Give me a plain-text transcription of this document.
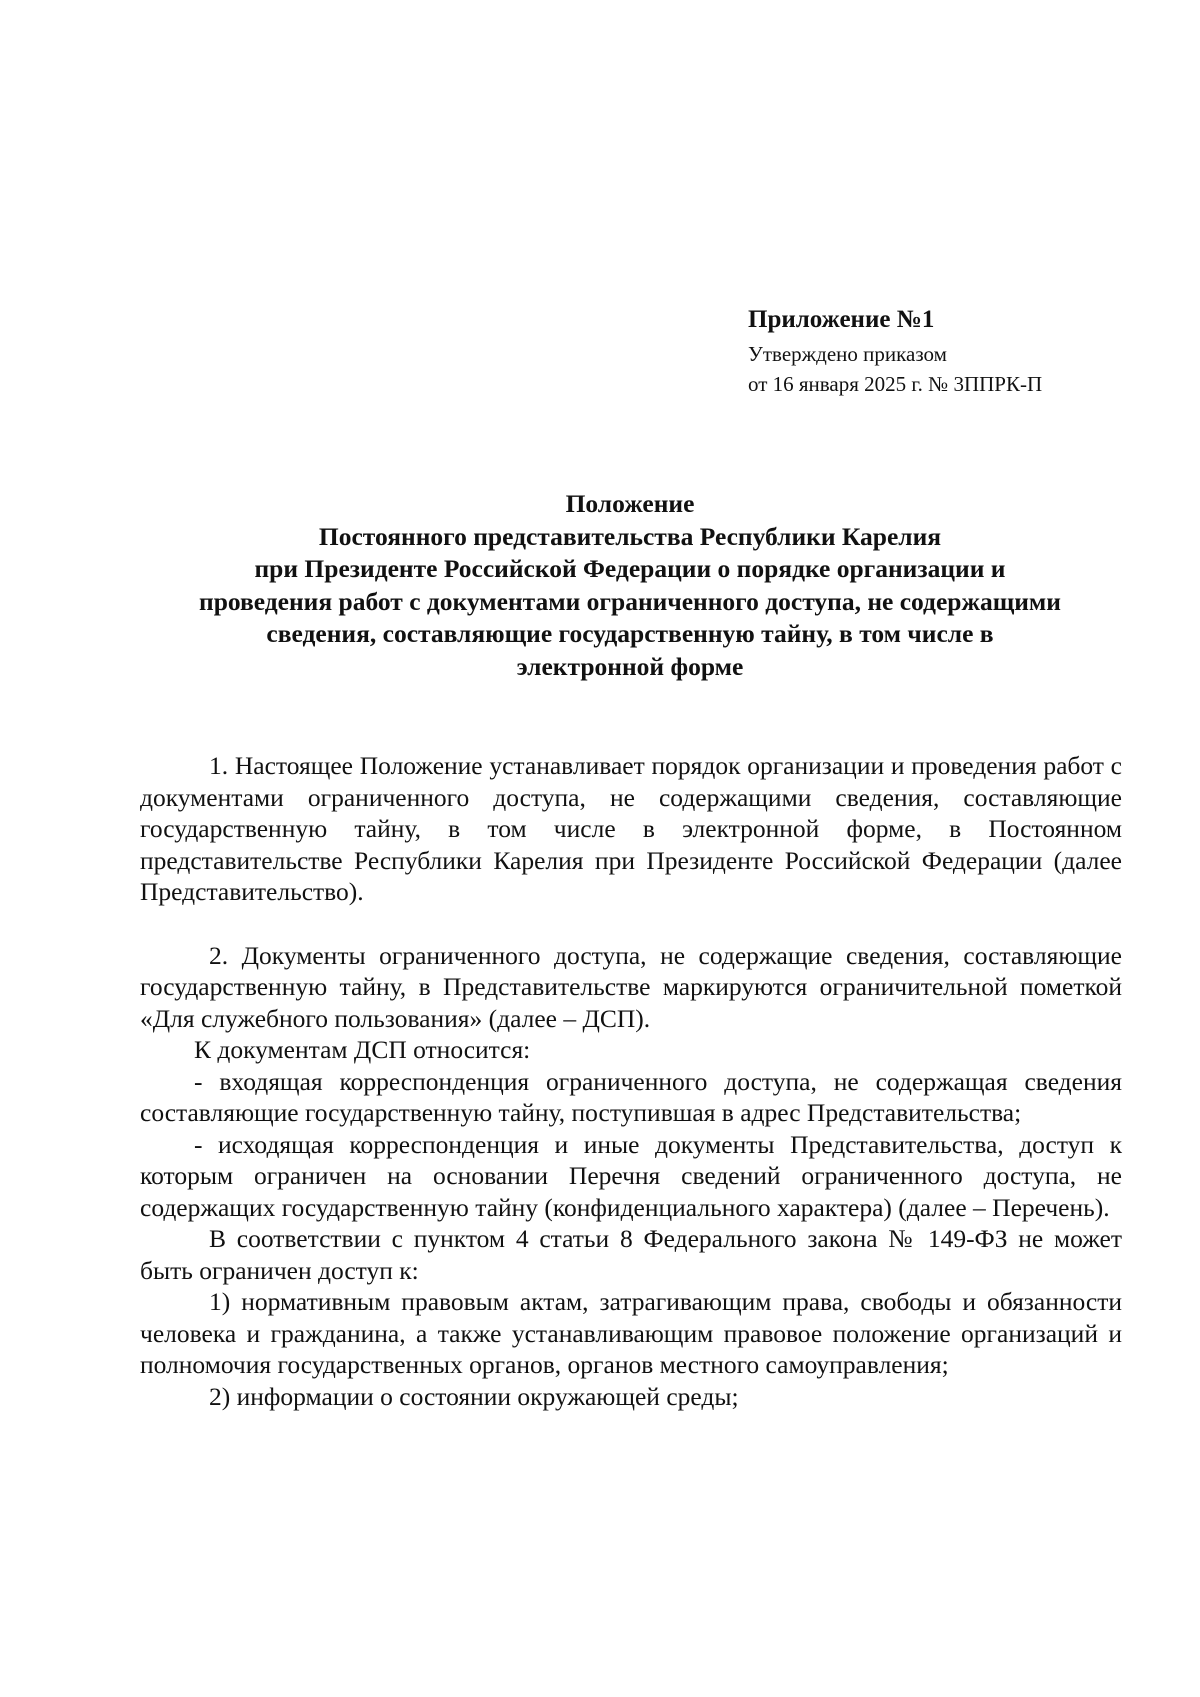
Приложение №1
Утверждено приказом
от 16 января 2025 г. № 3ППРК-П
Положение
Постоянного представительства Республики Карелия
при Президенте Российской Федерации о порядке организации и
проведения работ с документами ограниченного доступа, не содержащими
сведения, составляющие государственную тайну, в том числе в
электронной форме

1. Настоящее Положение устанавливает порядок организации и проведения работ с документами ограниченного доступа, не содержащими сведения, составляющие государственную тайну, в том числе в электронной форме, в Постоянном представительстве Республики Карелия при Президенте Российской Федерации (далее Представительство).

2. Документы ограниченного доступа, не содержащие сведения, составляющие государственную тайну, в Представительстве маркируются ограничительной пометкой «Для служебного пользования» (далее – ДСП).

К документам ДСП относится:

- входящая корреспонденция ограниченного доступа, не содержащая сведения составляющие государственную тайну, поступившая в адрес Представительства;

- исходящая корреспонденция и иные документы Представительства, доступ к которым ограничен на основании Перечня сведений ограниченного доступа, не содержащих государственную тайну (конфиденциального характера) (далее – Перечень).

В соответствии с пунктом 4 статьи 8 Федерального закона № 149-ФЗ не может быть ограничен доступ к:

1) нормативным правовым актам, затрагивающим права, свободы и обязанности человека и гражданина, а также устанавливающим правовое положение организаций и полномочия государственных органов, органов местного самоуправления;

2) информации о состоянии окружающей среды;
